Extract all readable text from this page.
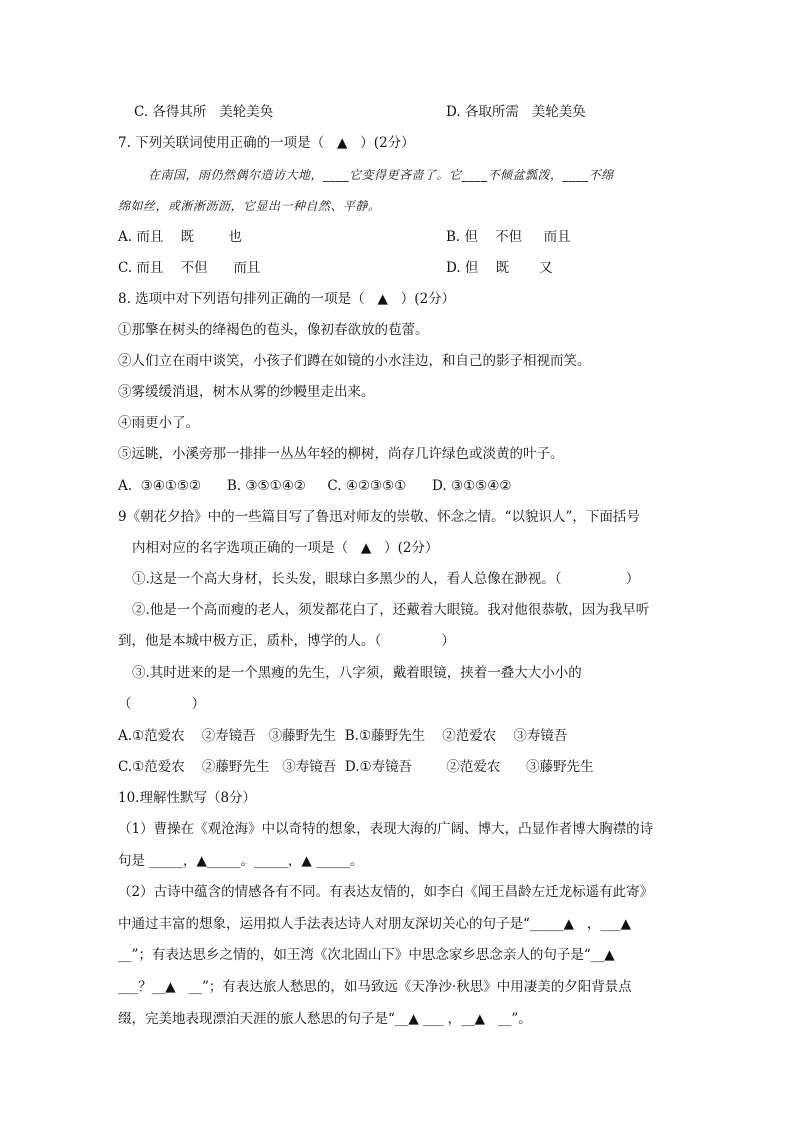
C. 各得其所   美轮美奂	D. 各取所需   美轮美奂
7. 下列关联词使用正确的一项是（   ▲   ）(2分）
在南国，雨仍然偶尔造访大地，____它变得更吝啬了。它____不倾盆瓢泼，____不绵
绵如丝，或淅淅沥沥，它显出一种自然、平静。
A. 而且    既        也	B. 但    不但     而且
C. 而且    不但      而且	D. 但    既       又
8. 选项中对下列语句排列正确的一项是（   ▲   ）(2分）
①那擎在树头的绛褐色的苞头，像初春欲放的苞蕾。
②人们立在雨中谈笑，小孩子们蹲在如镜的小水洼边，和自己的影子相视而笑。
③雾缓缓消退，树木从雾的纱幔里走出来。
④雨更小了。
⑤远眺，小溪旁那一排排一丛丛年轻的柳树，尚存几许绿色或淡黄的叶子。
A.  ③④①⑤②      B. ③⑤①④②     C. ④②③⑤①      D. ③①⑤④②
9《朝花夕拾》中的一些篇目写了鲁迅对师友的崇敬、怀念之情。“以貌识人”，下面括号
内相对应的名字选项正确的一项是（   ▲   ）(2分）
①.这是一个高大身材，长头发，眼球白多黑少的人，看人总像在渺视。（               ）
②.他是一个高而瘦的老人，须发都花白了，还戴着大眼镜。我对他很恭敬，因为我早听
到，他是本城中极方正，质朴，博学的人。（              ）
③.其时进来的是一个黑瘦的先生，八字须，戴着眼镜，挟着一叠大大小小的
（              ）
A.①范爱农    ②寿镜吾   ③藤野先生  B.①藤野先生    ②范爱农    ③寿镜吾
C.①范爱农    ②藤野先生   ③寿镜吾  D.①寿镜吾        ②范爱农      ③藤野先生
10.理解性默写（8分）
（1）曹操在《观沧海》中以奇特的想象，表现大海的广阔、博大，凸显作者博大胸襟的诗
句是 _____，▲_____。_____，▲ _____。
（2）古诗中蕴含的情感各有不同。有表达友情的，如李白《闻王昌龄左迁龙标遥有此寄》
中通过丰富的想象，运用拟人手法表达诗人对朋友深切关心的句子是“_____▲   ，___▲
__”；有表达思乡之情的，如王湾《次北固山下》中思念家乡思念亲人的句子是“__▲
___？__▲   __”；有表达旅人愁思的，如马致远《天净沙·秋思》中用凄美的夕阳背景点
缀，完美地表现漂泊天涯的旅人愁思的句子是“__▲ ___ ，__▲   __”。
